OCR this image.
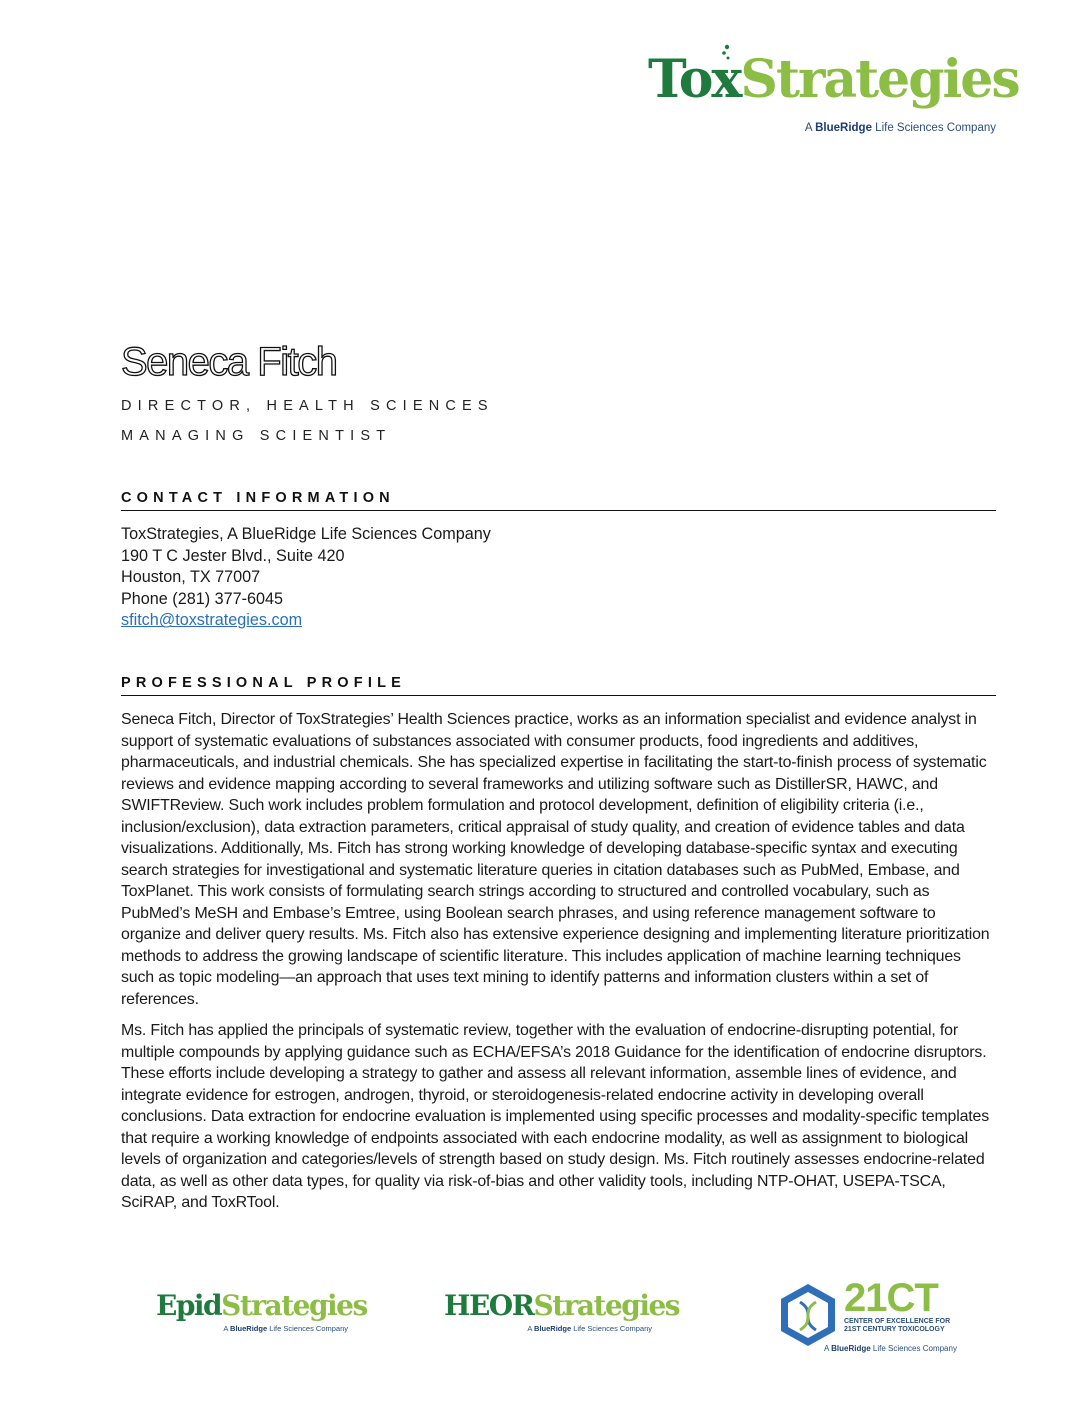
ToxStrategies
A BlueRidge Life Sciences Company
Seneca Fitch
DIRECTOR, HEALTH SCIENCES
MANAGING SCIENTIST
CONTACT INFORMATION
ToxStrategies, A BlueRidge Life Sciences Company
190 T C Jester Blvd., Suite 420
Houston, TX 77007
Phone (281) 377-6045
sfitch@toxstrategies.com
PROFESSIONAL PROFILE

Seneca Fitch, Director of ToxStrategies’ Health Sciences practice, works as an information specialist and evidence analyst in support of systematic evaluations of substances associated with consumer products, food ingredients and additives, pharmaceuticals, and industrial chemicals. She has specialized expertise in facilitating the start-to-finish process of systematic reviews and evidence mapping according to several frameworks and utilizing software such as DistillerSR, HAWC, and SWIFTReview. Such work includes problem formulation and protocol development, definition of eligibility criteria (i.e., inclusion/exclusion), data extraction parameters, critical appraisal of study quality, and creation of evidence tables and data visualizations. Additionally, Ms. Fitch has strong working knowledge of developing database-specific syntax and executing search strategies for investigational and systematic literature queries in citation databases such as PubMed, Embase, and ToxPlanet. This work consists of formulating search strings according to structured and controlled vocabulary, such as PubMed’s MeSH and Embase’s Emtree, using Boolean search phrases, and using reference management software to organize and deliver query results. Ms. Fitch also has extensive experience designing and implementing literature prioritization methods to address the growing landscape of scientific literature. This includes application of machine learning techniques such as topic modeling—an approach that uses text mining to identify patterns and information clusters within a set of references.

Ms. Fitch has applied the principals of systematic review, together with the evaluation of endocrine-disrupting potential, for multiple compounds by applying guidance such as ECHA/EFSA’s 2018 Guidance for the identification of endocrine disruptors. These efforts include developing a strategy to gather and assess all relevant information, assemble lines of evidence, and integrate evidence for estrogen, androgen, thyroid, or steroidogenesis-related endocrine activity in developing overall conclusions. Data extraction for endocrine evaluation is implemented using specific processes and modality-specific templates that require a working knowledge of endpoints associated with each endocrine modality, as well as assignment to biological levels of organization and categories/levels of strength based on study design. Ms. Fitch routinely assesses endocrine-related data, as well as other data types, for quality via risk-of-bias and other validity tools, including NTP-OHAT, USEPA-TSCA, SciRAP, and ToxRTool.

EpidStrategies
A BlueRidge Life Sciences Company
HEORStrategies
A BlueRidge Life Sciences Company
21CT
CENTER OF EXCELLENCE FOR
21ST CENTURY TOXICOLOGY
A BlueRidge Life Sciences Company
